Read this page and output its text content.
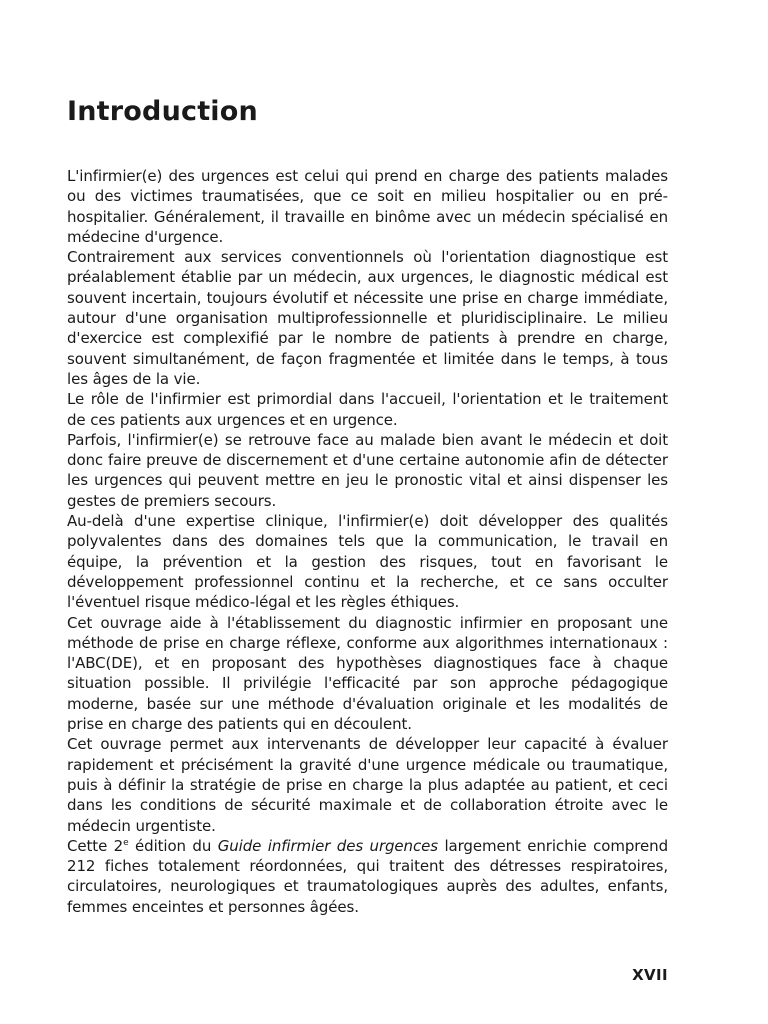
Introduction

L'infirmier(e) des urgences est celui qui prend en charge des patients malades ou des victimes traumatisées, que ce soit en milieu hospitalier ou en pré-hospitalier. Généralement, il travaille en binôme avec un médecin spécialisé en médecine d'urgence.

Contrairement aux services conventionnels où l'orientation diagnostique est préalablement établie par un médecin, aux urgences, le diagnostic médical est souvent incertain, toujours évolutif et nécessite une prise en charge immédiate, autour d'une organisation multiprofessionnelle et pluridisciplinaire. Le milieu d'exercice est complexifié par le nombre de patients à prendre en charge, souvent simultanément, de façon fragmentée et limitée dans le temps, à tous les âges de la vie.

Le rôle de l'infirmier est primordial dans l'accueil, l'orientation et le traitement de ces patients aux urgences et en urgence.

Parfois, l'infirmier(e) se retrouve face au malade bien avant le médecin et doit donc faire preuve de discernement et d'une certaine autonomie afin de détecter les urgences qui peuvent mettre en jeu le pronostic vital et ainsi dispenser les gestes de premiers secours.

Au-delà d'une expertise clinique, l'infirmier(e) doit développer des qualités polyvalentes dans des domaines tels que la communication, le travail en équipe, la prévention et la gestion des risques, tout en favorisant le développement professionnel continu et la recherche, et ce sans occulter l'éventuel risque médico-légal et les règles éthiques.

Cet ouvrage aide à l'établissement du diagnostic infirmier en proposant une méthode de prise en charge réflexe, conforme aux algorithmes internationaux : l'ABC(DE), et en proposant des hypothèses diagnostiques face à chaque situation possible. Il privilégie l'efficacité par son approche pédagogique moderne, basée sur une méthode d'évaluation originale et les modalités de prise en charge des patients qui en découlent.

Cet ouvrage permet aux intervenants de développer leur capacité à évaluer rapidement et précisément la gravité d'une urgence médicale ou traumatique, puis à définir la stratégie de prise en charge la plus adaptée au patient, et ceci dans les conditions de sécurité maximale et de collaboration étroite avec le médecin urgentiste.

Cette 2e édition du Guide infirmier des urgences largement enrichie comprend 212 fiches totalement réordonnées, qui traitent des détresses respiratoires, circulatoires, neurologiques et traumatologiques auprès des adultes, enfants, femmes enceintes et personnes âgées.

XVII
